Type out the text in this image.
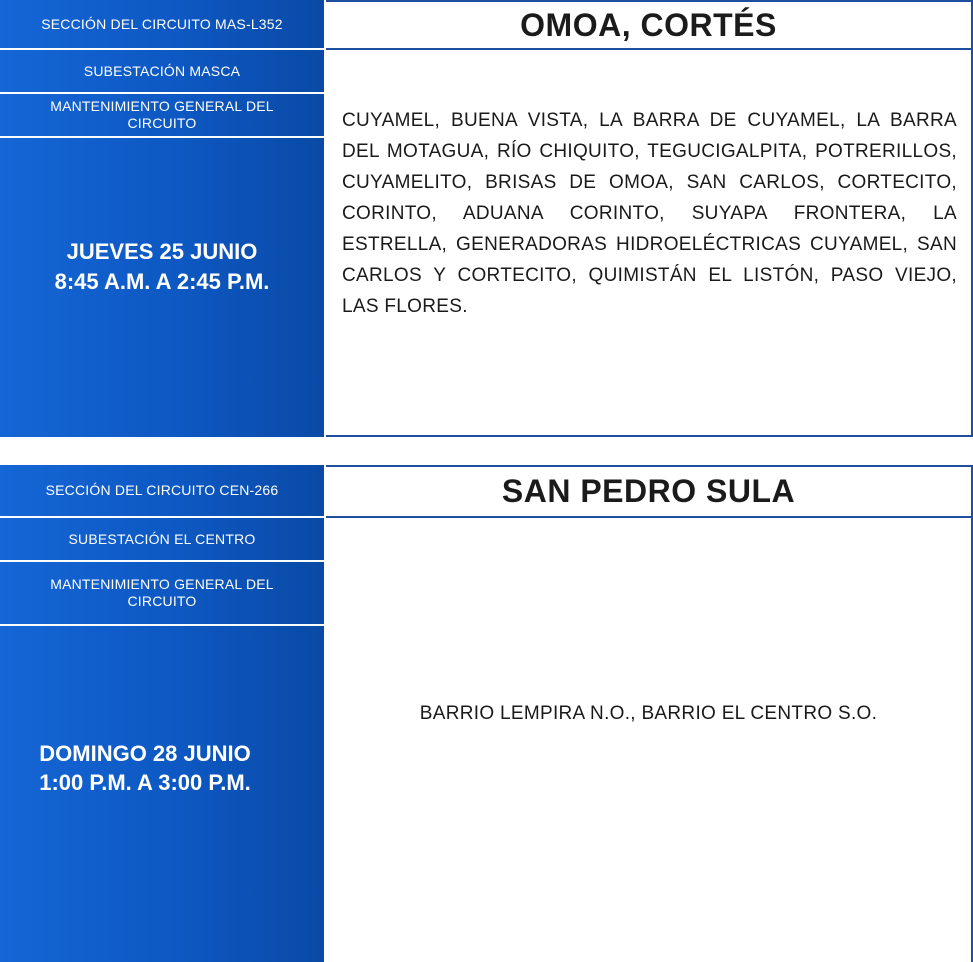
SECCIÓN DEL CIRCUITO MAS-L352
SUBESTACIÓN MASCA
MANTENIMIENTO GENERAL DEL CIRCUITO
JUEVES 25 JUNIO
8:45 A.M. A 2:45 P.M.
OMOA, CORTÉS
CUYAMEL, BUENA VISTA, LA BARRA DE CUYAMEL, LA BARRA DEL MOTAGUA, RÍO CHIQUITO, TEGUCIGALPITA, POTRERILLOS, CUYAMELITO, BRISAS DE OMOA, SAN CARLOS, CORTECITO, CORINTO, ADUANA CORINTO, SUYAPA FRONTERA, LA ESTRELLA, GENERADORAS HIDROELÉCTRICAS CUYAMEL, SAN CARLOS Y CORTECITO, QUIMISTÁN EL LISTÓN, PASO VIEJO, LAS FLORES.
SECCIÓN DEL CIRCUITO CEN-266
SUBESTACIÓN EL CENTRO
MANTENIMIENTO GENERAL DEL CIRCUITO
DOMINGO 28 JUNIO
1:00 P.M. A 3:00 P.M.
SAN PEDRO SULA
BARRIO LEMPIRA N.O., BARRIO EL CENTRO S.O.
